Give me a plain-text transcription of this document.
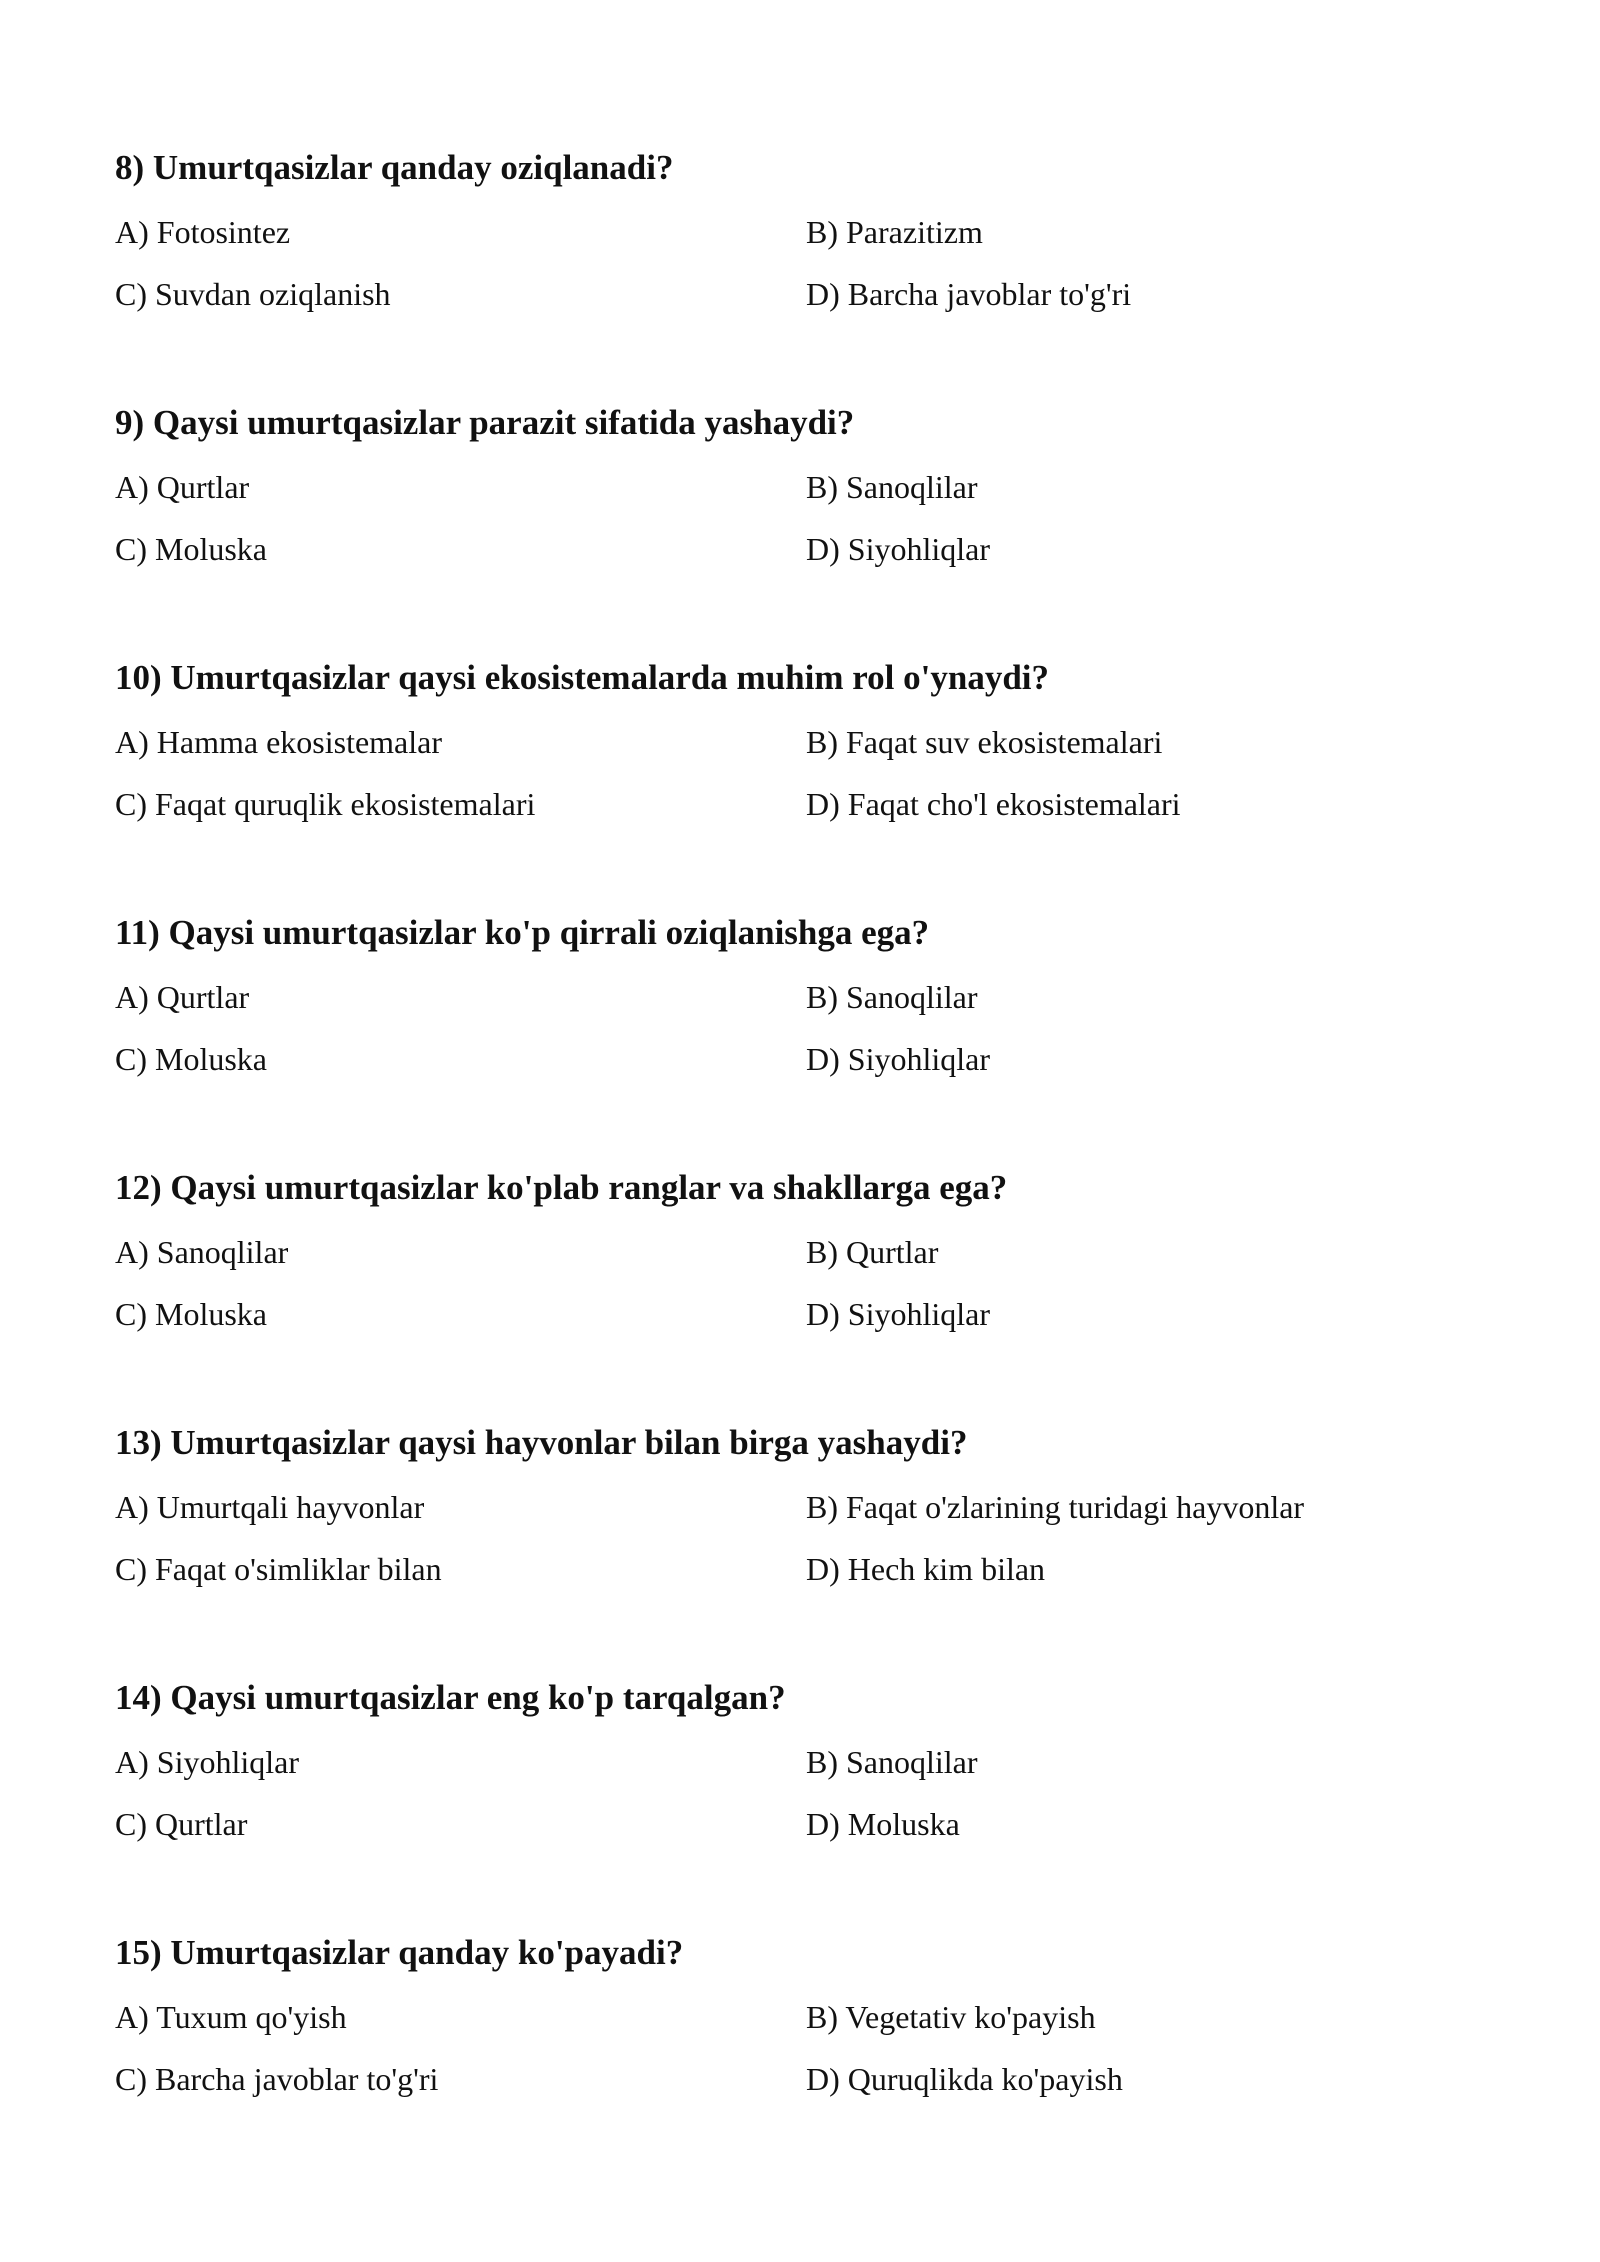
8) Umurtqasizlar qanday oziqlanadi?

A) Fotosintez	B) Parazitizm
C) Suvdan oziqlanish	D) Barcha javoblar to'g'ri

9) Qaysi umurtqasizlar parazit sifatida yashaydi?

A) Qurtlar	B) Sanoqlilar
C) Moluska	D) Siyohliqlar

10) Umurtqasizlar qaysi ekosistemalarda muhim rol o'ynaydi?

A) Hamma ekosistemalar	B) Faqat suv ekosistemalari
C) Faqat quruqlik ekosistemalari	D) Faqat cho'l ekosistemalari

11) Qaysi umurtqasizlar ko'p qirrali oziqlanishga ega?

A) Qurtlar	B) Sanoqlilar
C) Moluska	D) Siyohliqlar

12) Qaysi umurtqasizlar ko'plab ranglar va shakllarga ega?

A) Sanoqlilar	B) Qurtlar
C) Moluska	D) Siyohliqlar

13) Umurtqasizlar qaysi hayvonlar bilan birga yashaydi?

A) Umurtqali hayvonlar	B) Faqat o'zlarining turidagi hayvonlar
C) Faqat o'simliklar bilan	D) Hech kim bilan

14) Qaysi umurtqasizlar eng ko'p tarqalgan?

A) Siyohliqlar	B) Sanoqlilar
C) Qurtlar	D) Moluska

15) Umurtqasizlar qanday ko'payadi?

A) Tuxum qo'yish	B) Vegetativ ko'payish
C) Barcha javoblar to'g'ri	D) Quruqlikda ko'payish
